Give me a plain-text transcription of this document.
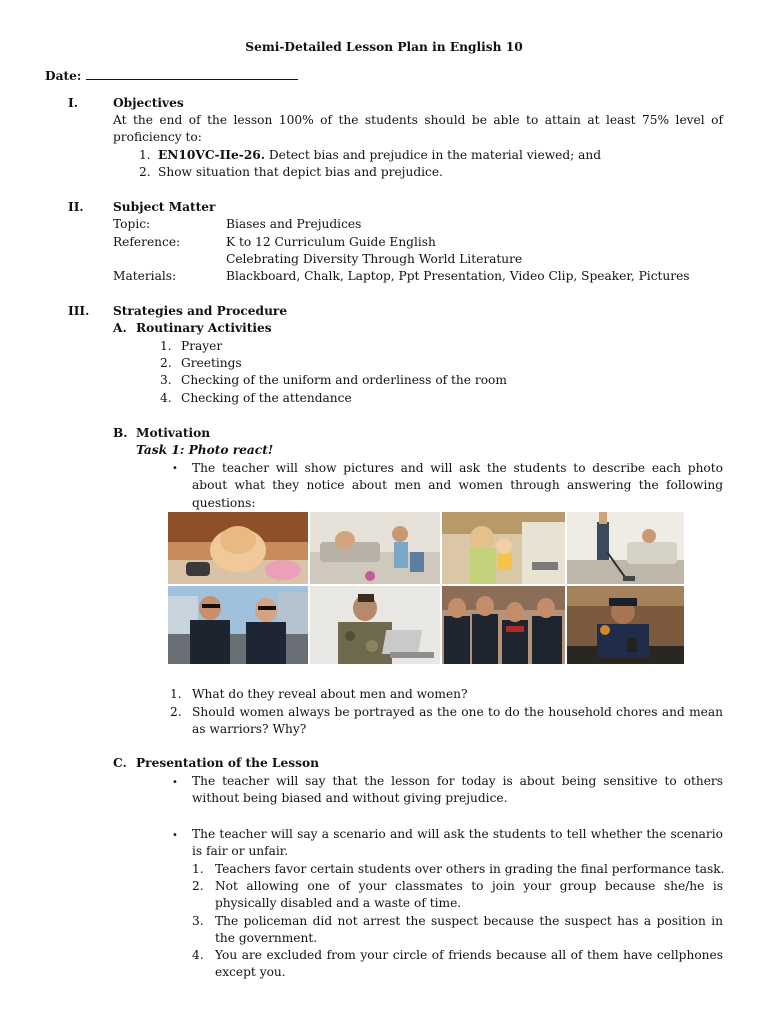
Semi-Detailed Lesson Plan in English 10
Date:
I.	Objectives
At the end of the lesson 100% of the students should be able to attain at least 75% level of proficiency to:
1. EN10VC-IIe-26. Detect bias and prejudice in the material viewed; and
2. Show situation that depict bias and prejudice.
II. Subject Matter
Topic:	Biases and Prejudices
Reference:	K to 12 Curriculum Guide English
Celebrating Diversity Through World Literature
Materials:	Blackboard, Chalk, Laptop, Ppt Presentation, Video Clip, Speaker, Pictures
III. Strategies and Procedure
A. Routinary Activities
1. Prayer
2. Greetings
3. Checking of the uniform and orderliness of the room
4. Checking of the attendance
B. Motivation
Task 1: Photo react!
• The teacher will show pictures and will ask the students to describe each photo about what they notice about men and women through answering the following questions:
1. What do they reveal about men and women?
2. Should women always be portrayed as the one to do the household chores and mean as warriors? Why?
C. Presentation of the Lesson
• The teacher will say that the lesson for today is about being sensitive to others without being biased and without giving prejudice.
• The teacher will say a scenario and will ask the students to tell whether the scenario is fair or unfair.
1. Teachers favor certain students over others in grading the final performance task.
2. Not allowing one of your classmates to join your group because she/he is physically disabled and a waste of time.
3. The policeman did not arrest the suspect because the suspect has a position in the government.
4. You are excluded from your circle of friends because all of them have cellphones except you.
